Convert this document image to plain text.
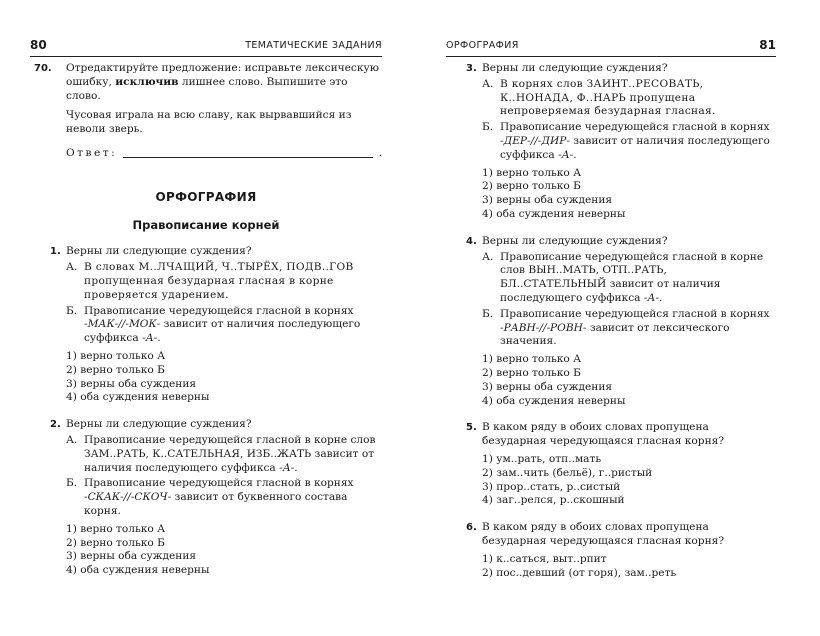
80	ТЕМАТИЧЕСКИЕ ЗАДАНИЯ
70. Отредактируйте предложение: исправьте лексическую ошибку, исключив лишнее слово. Выпишите это слово.

Чусовая играла на всю славу, как вырвавшийся из неволи зверь.

Ответ:	.
ОРФОГРАФИЯ
Правописание корней
1. Верны ли следующие суждения?

А. В словах М..ЛЧАЩИЙ, Ч..ТЫРЁХ, ПОДВ..ГОВ пропущенная безударная гласная в корне проверяется ударением.
Б. Правописание чередующейся гласной в корнях -МАК-//-МОК- зависит от наличия последующего суффикса -А-.
1) верно только А
2) верно только Б
3) верны оба суждения
4) оба суждения неверны
2. Верны ли следующие суждения?

А. Правописание чередующейся гласной в корне слов ЗАМ..РАТЬ, К..САТЕЛЬНАЯ, ИЗБ..ЖАТЬ зависит от наличия последующего суффикса -А-.
Б. Правописание чередующейся гласной в корнях -СКАК-//-СКОЧ- зависит от буквенного состава корня.
1) верно только А
2) верно только Б
3) верны оба суждения
4) оба суждения неверны
ОРФОГРАФИЯ	81
3. Верны ли следующие суждения?

А. В корнях слов ЗАИНТ..РЕСОВАТЬ, К..НОНАДА, Ф..НАРЬ пропущена непроверяемая безударная гласная.
Б. Правописание чередующейся гласной в корнях -ДЕР-//-ДИР- зависит от наличия последующего суффикса -А-.
1) верно только А
2) верно только Б
3) верны оба суждения
4) оба суждения неверны
4. Верны ли следующие суждения?

А. Правописание чередующейся гласной в корне слов ВЫН..МАТЬ, ОТП..РАТЬ, БЛ..СТАТЕЛЬНЫЙ зависит от наличия последующего суффикса -А-.
Б. Правописание чередующейся гласной в корнях -РАВН-//-РОВН- зависит от лексического значения.
1) верно только А
2) верно только Б
3) верны оба суждения
4) оба суждения неверны
5. В каком ряду в обоих словах пропущена безударная чередующаяся гласная корня?

1) ум..рать, отп..мать
2) зам..чить (бельё), г..ристый
3) прор..стать, р..систый
4) заг..релся, р..скошный
6. В каком ряду в обоих словах пропущена безударная чередующаяся гласная корня?

1) к..саться, выт..рпит
2) пос..девший (от горя), зам..реть
